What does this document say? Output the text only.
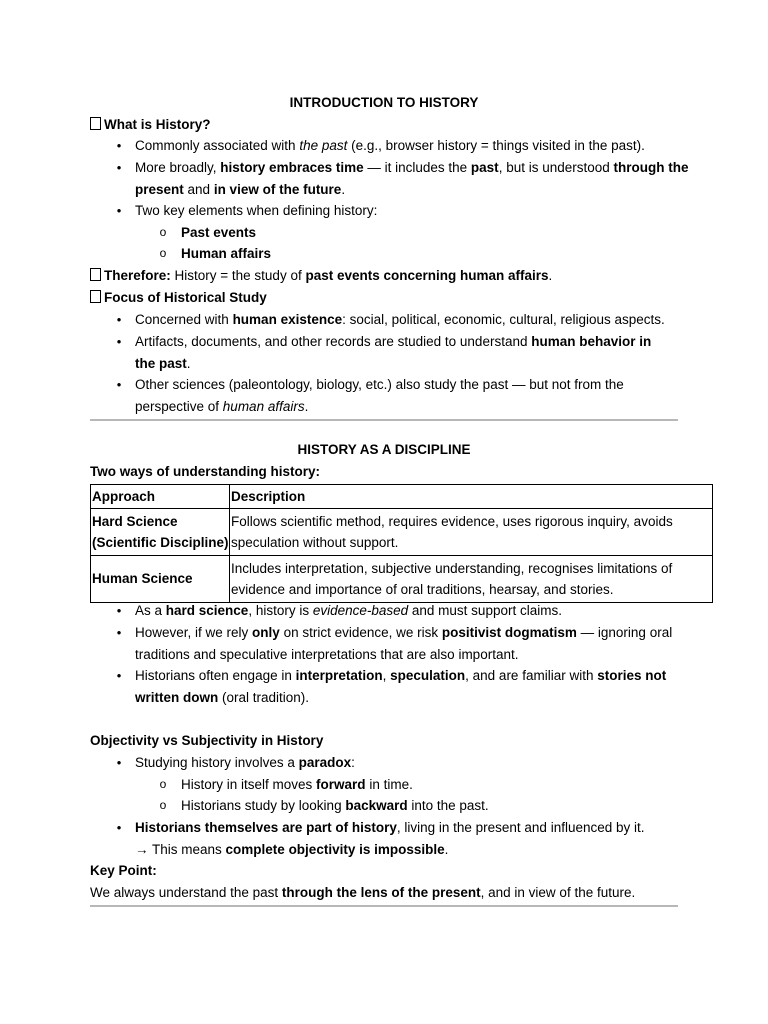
INTRODUCTION TO HISTORY
What is History?
• Commonly associated with the past (e.g., browser history = things visited in the past).
• More broadly, history embraces time — it includes the past, but is understood through the present and in view of the future.
• Two key elements when defining history:
o Past events
o Human affairs
Therefore: History = the study of past events concerning human affairs.
Focus of Historical Study
• Concerned with human existence: social, political, economic, cultural, religious aspects.
• Artifacts, documents, and other records are studied to understand human behavior in the past.
• Other sciences (paleontology, biology, etc.) also study the past — but not from the perspective of human affairs.
HISTORY AS A DISCIPLINE
Two ways of understanding history:
Approach	Description
Hard Science (Scientific Discipline)	Follows scientific method, requires evidence, uses rigorous inquiry, avoids speculation without support.
Human Science	Includes interpretation, subjective understanding, recognises limitations of evidence and importance of oral traditions, hearsay, and stories.
• As a hard science, history is evidence-based and must support claims.
• However, if we rely only on strict evidence, we risk positivist dogmatism — ignoring oral traditions and speculative interpretations that are also important.
• Historians often engage in interpretation, speculation, and are familiar with stories not written down (oral tradition).
Objectivity vs Subjectivity in History
• Studying history involves a paradox:
o History in itself moves forward in time.
o Historians study by looking backward into the past.
• Historians themselves are part of history, living in the present and influenced by it.
→ This means complete objectivity is impossible.
Key Point:
We always understand the past through the lens of the present, and in view of the future.
